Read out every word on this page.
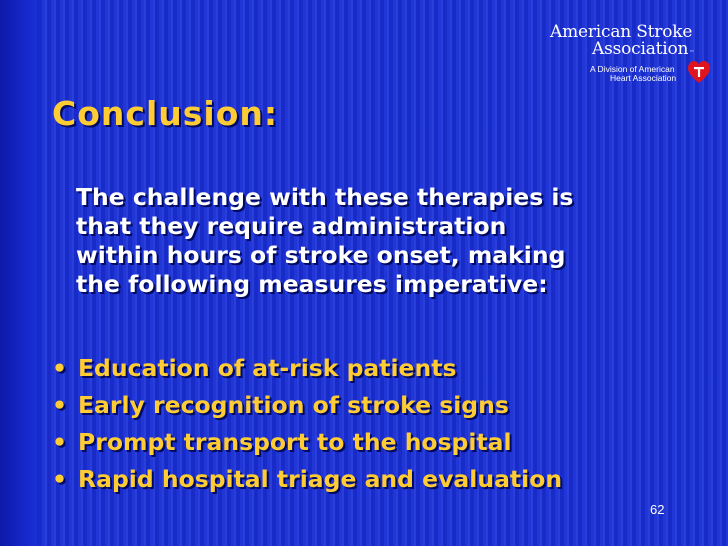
American Stroke
Association™
A Division of American
Heart Association
Conclusion:
The challenge with these therapies is
that they require administration
within hours of stroke onset, making
the following measures imperative:
• Education of at-risk patients
• Early recognition of stroke signs
• Prompt transport to the hospital
• Rapid hospital triage and evaluation
62
